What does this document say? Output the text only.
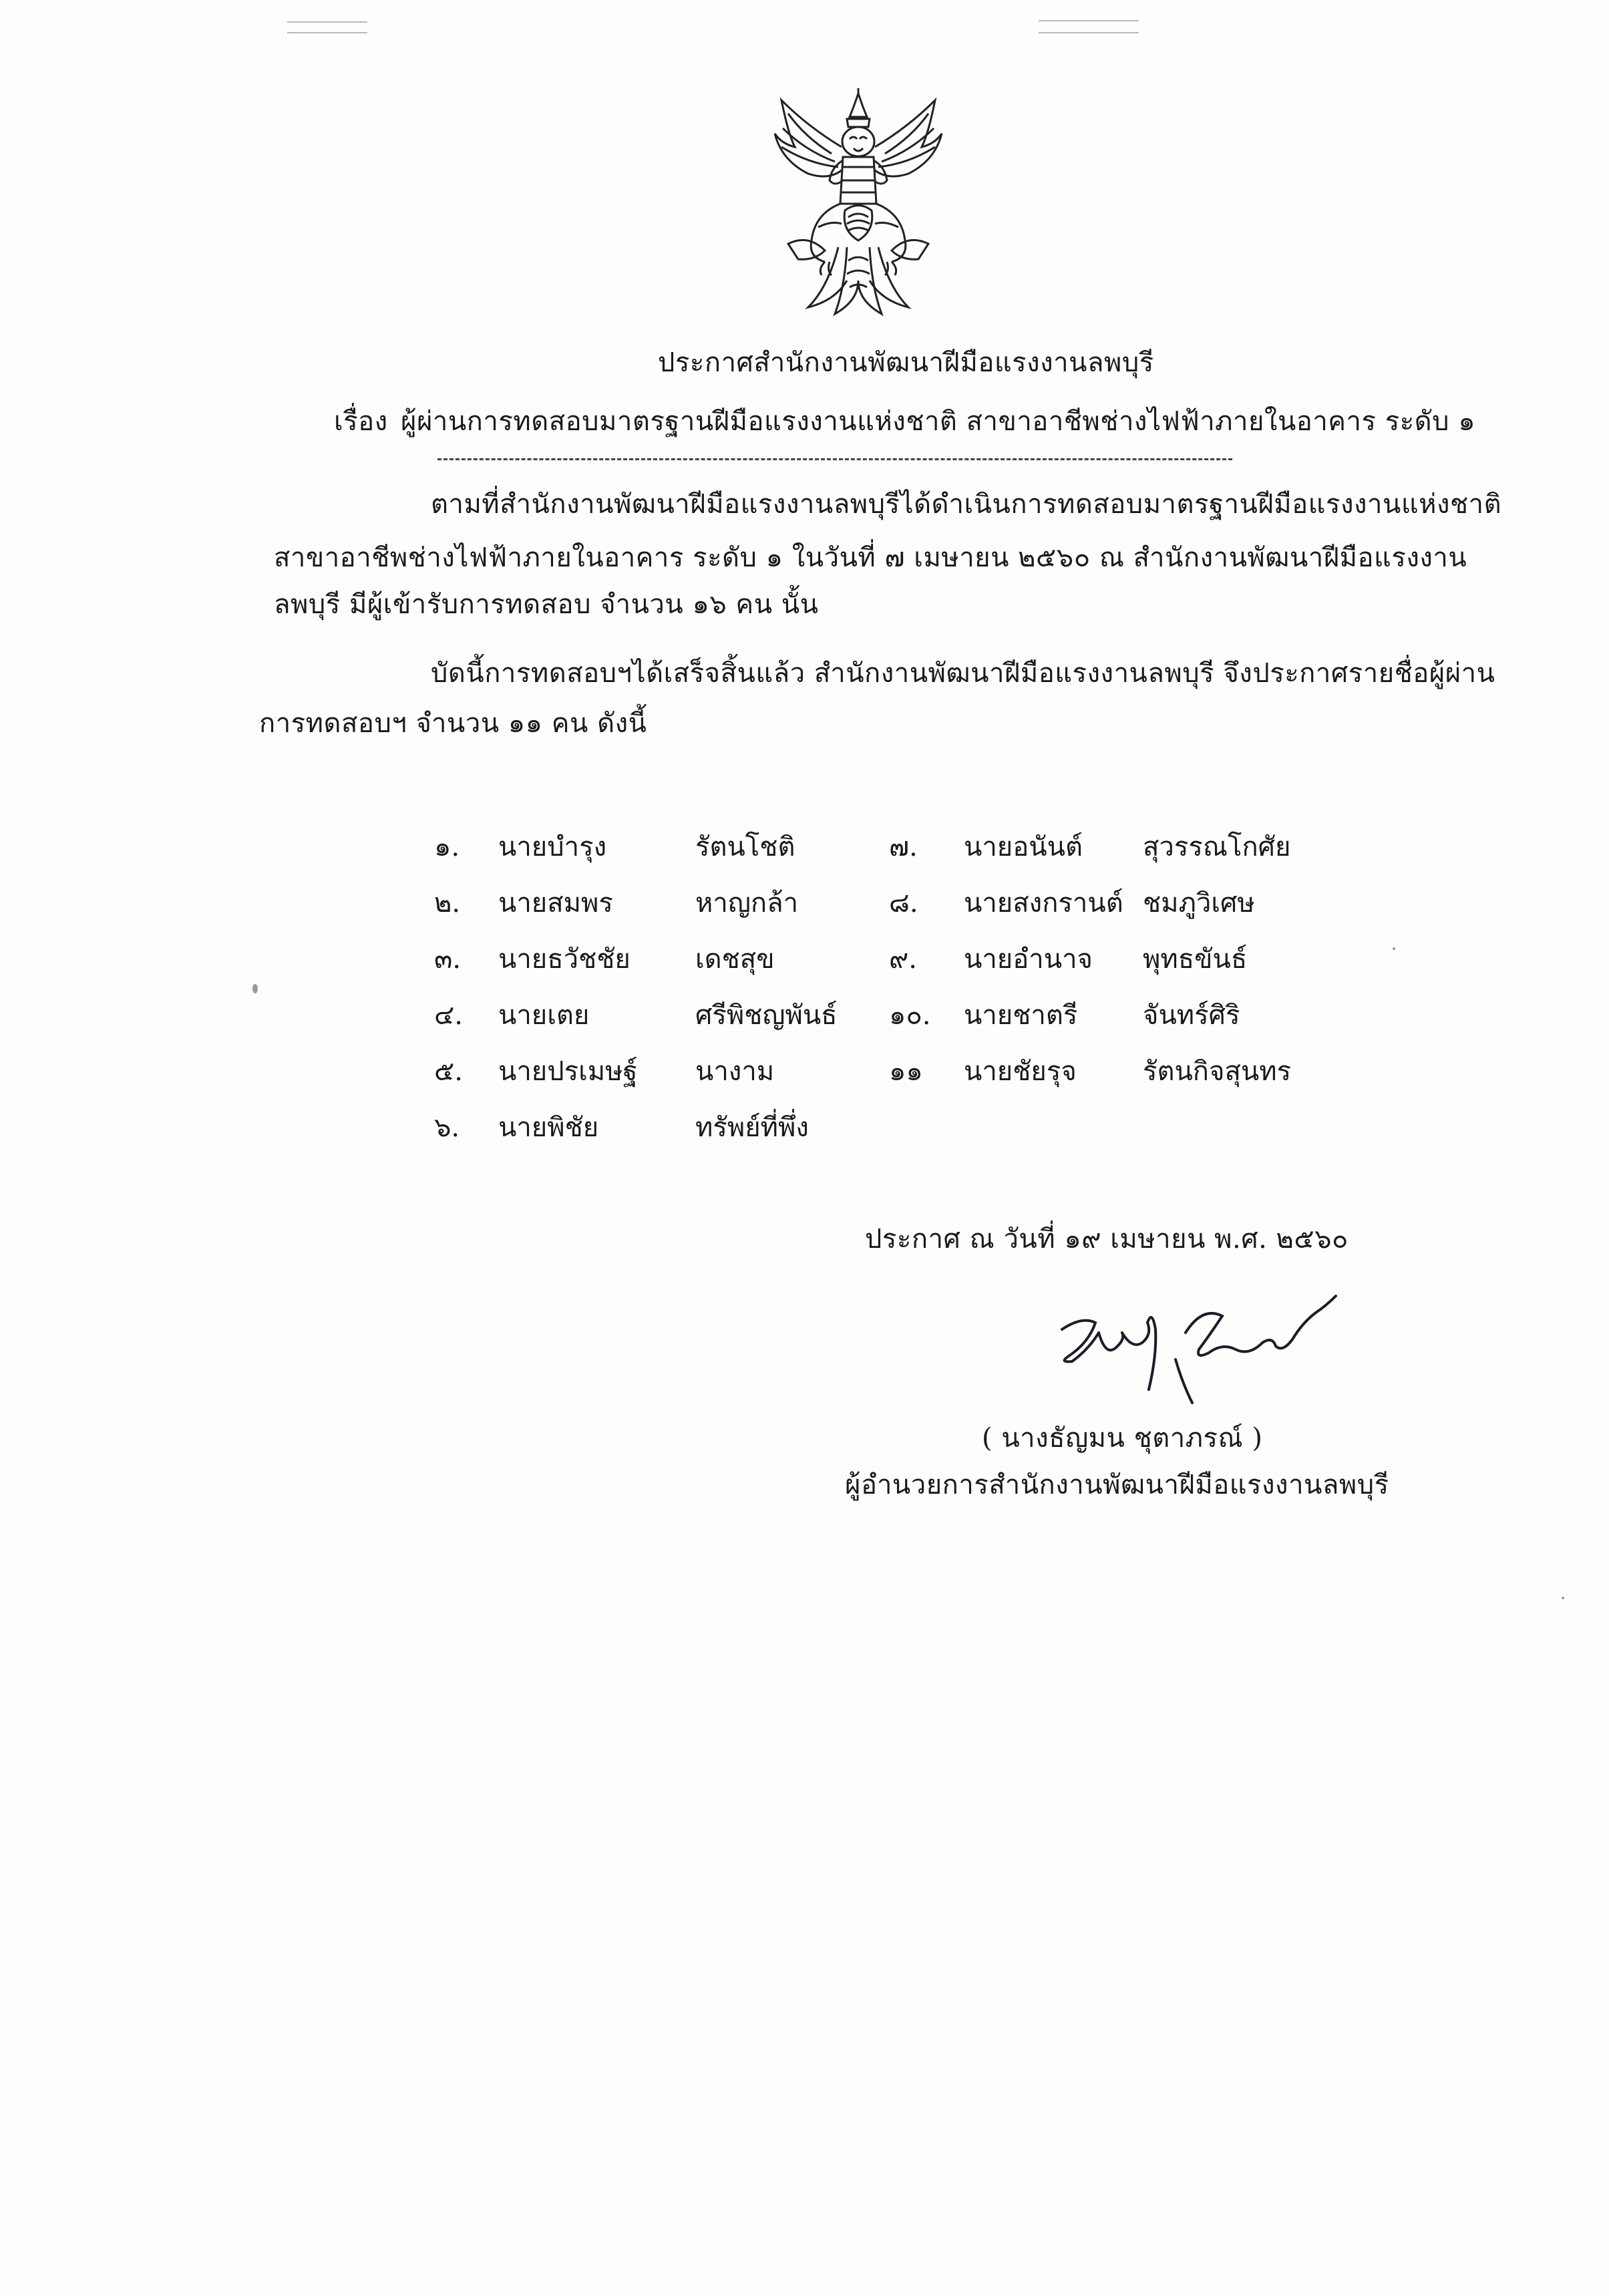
ประกาศสำนักงานพัฒนาฝีมือแรงงานลพบุรี
เรื่อง ผู้ผ่านการทดสอบมาตรฐานฝีมือแรงงานแห่งชาติ สาขาอาชีพช่างไฟฟ้าภายในอาคาร ระดับ ๑
ตามที่สำนักงานพัฒนาฝีมือแรงงานลพบุรีได้ดำเนินการทดสอบมาตรฐานฝีมือแรงงานแห่งชาติ
สาขาอาชีพช่างไฟฟ้าภายในอาคาร ระดับ ๑ ในวันที่ ๗ เมษายน ๒๕๖๐ ณ สำนักงานพัฒนาฝีมือแรงงาน
ลพบุรี มีผู้เข้ารับการทดสอบ จำนวน ๑๖ คน นั้น
บัดนี้การทดสอบฯได้เสร็จสิ้นแล้ว สำนักงานพัฒนาฝีมือแรงงานลพบุรี จึงประกาศรายชื่อผู้ผ่าน
การทดสอบฯ จำนวน ๑๑ คน ดังนี้
๑.	นายบำรุง	รัตนโชติ	๗.	นายอนันต์	สุวรรณโกศัย
๒.	นายสมพร	หาญกล้า	๘.	นายสงกรานต์	ชมภูวิเศษ
๓.	นายธวัชชัย	เดชสุข	๙.	นายอำนาจ	พุทธขันธ์
๔.	นายเตย	ศรีพิชญพันธ์	๑๐.	นายชาตรี	จันทร์ศิริ
๕.	นายปรเมษฐ์	นางาม	๑๑	นายชัยรุจ	รัตนกิจสุนทร
๖.	นายพิชัย	ทรัพย์ที่พึ่ง			
ประกาศ ณ วันที่ ๑๙ เมษายน พ.ศ. ๒๕๖๐
( นางธัญมน ชุตาภรณ์ )
ผู้อำนวยการสำนักงานพัฒนาฝีมือแรงงานลพบุรี
